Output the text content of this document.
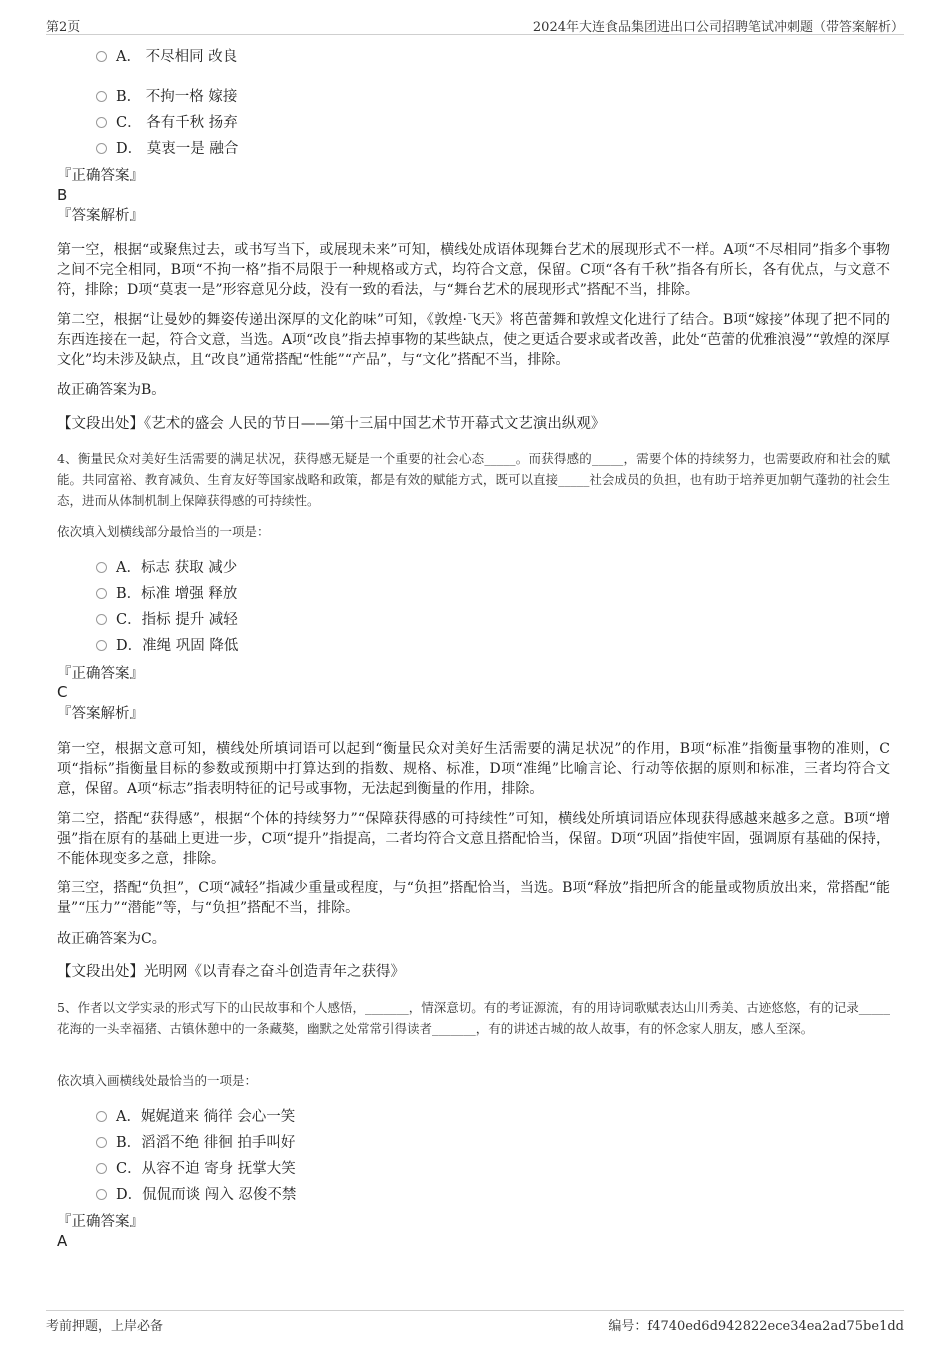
第2页	2024年大连食品集团进出口公司招聘笔试冲刺题（带答案解析）
A． 不尽相同 改良
B． 不拘一格 嫁接
C． 各有千秋 扬弃
D． 莫衷一是 融合
『正确答案』
B
『答案解析』
第一空，根据“或聚焦过去，或书写当下，或展现未来”可知，横线处成语体现舞台艺术的展现形式不一样。A项“不尽相同”指多个事物之间不完全相同，B项“不拘一格”指不局限于一种规格或方式，均符合文意，保留。C项“各有千秋”指各有所长，各有优点，与文意不符，排除；D项“莫衷一是”形容意见分歧，没有一致的看法，与“舞台艺术的展现形式”搭配不当，排除。
第二空，根据“让曼妙的舞姿传递出深厚的文化韵味”可知，《敦煌·飞天》将芭蕾舞和敦煌文化进行了结合。B项“嫁接”体现了把不同的东西连接在一起，符合文意，当选。A项“改良”指去掉事物的某些缺点，使之更适合要求或者改善，此处“芭蕾的优雅浪漫”“敦煌的深厚文化”均未涉及缺点，且“改良”通常搭配“性能”“产品”，与“文化”搭配不当，排除。
故正确答案为B。
【文段出处】《艺术的盛会 人民的节日——第十三届中国艺术节开幕式文艺演出纵观》
4、衡量民众对美好生活需要的满足状况，获得感无疑是一个重要的社会心态_____。而获得感的_____，需要个体的持续努力，也需要政府和社会的赋能。共同富裕、教育减负、生育友好等国家战略和政策，都是有效的赋能方式，既可以直接_____社会成员的负担，也有助于培养更加朝气蓬勃的社会生态，进而从体制机制上保障获得感的可持续性。
依次填入划横线部分最恰当的一项是：
A．标志 获取 减少
B．标准 增强 释放
C．指标 提升 减轻
D．准绳 巩固 降低
『正确答案』
C
『答案解析』
第一空，根据文意可知，横线处所填词语可以起到“衡量民众对美好生活需要的满足状况”的作用，B项“标准”指衡量事物的准则，C项“指标”指衡量目标的参数或预期中打算达到的指数、规格、标准，D项“准绳”比喻言论、行动等依据的原则和标准，三者均符合文意，保留。A项“标志”指表明特征的记号或事物，无法起到衡量的作用，排除。
第二空，搭配“获得感”，根据“个体的持续努力”“保障获得感的可持续性”可知，横线处所填词语应体现获得感越来越多之意。B项“增强”指在原有的基础上更进一步，C项“提升”指提高，二者均符合文意且搭配恰当，保留。D项“巩固”指使牢固，强调原有基础的保持，不能体现变多之意，排除。
第三空，搭配“负担”，C项“减轻”指减少重量或程度，与“负担”搭配恰当，当选。B项“释放”指把所含的能量或物质放出来，常搭配“能量”“压力”“潜能”等，与“负担”搭配不当，排除。
故正确答案为C。
【文段出处】光明网《以青春之奋斗创造青年之获得》
5、作者以文学实录的形式写下的山民故事和个人感悟，_______，情深意切。有的考证源流，有的用诗词歌赋表达山川秀美、古迹悠悠，有的记录_____花海的一头幸福猪、古镇休憩中的一条藏獒，幽默之处常常引得读者_______，有的讲述古城的故人故事，有的怀念家人朋友，感人至深。
依次填入画横线处最恰当的一项是：
A．娓娓道来 徜徉 会心一笑
B．滔滔不绝 徘徊 拍手叫好
C．从容不迫 寄身 抚掌大笑
D．侃侃而谈 闯入 忍俊不禁
『正确答案』
A
考前押题，上岸必备	编号：f4740ed6d942822ece34ea2ad75be1dd
